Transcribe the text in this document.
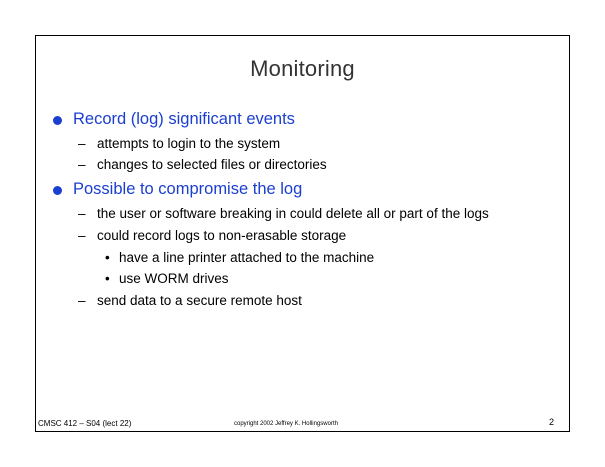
Monitoring
Record (log) significant events
– attempts to login to the system
– changes to selected files or directories
Possible to compromise the log
– the user or software breaking in could delete all or part of the logs
– could record logs to non-erasable storage
• have a line printer attached to the machine
• use WORM drives
– send data to a secure remote host
CMSC 412 – S04 (lect 22)	copyright 2002 Jeffrey K. Hollingsworth	2
